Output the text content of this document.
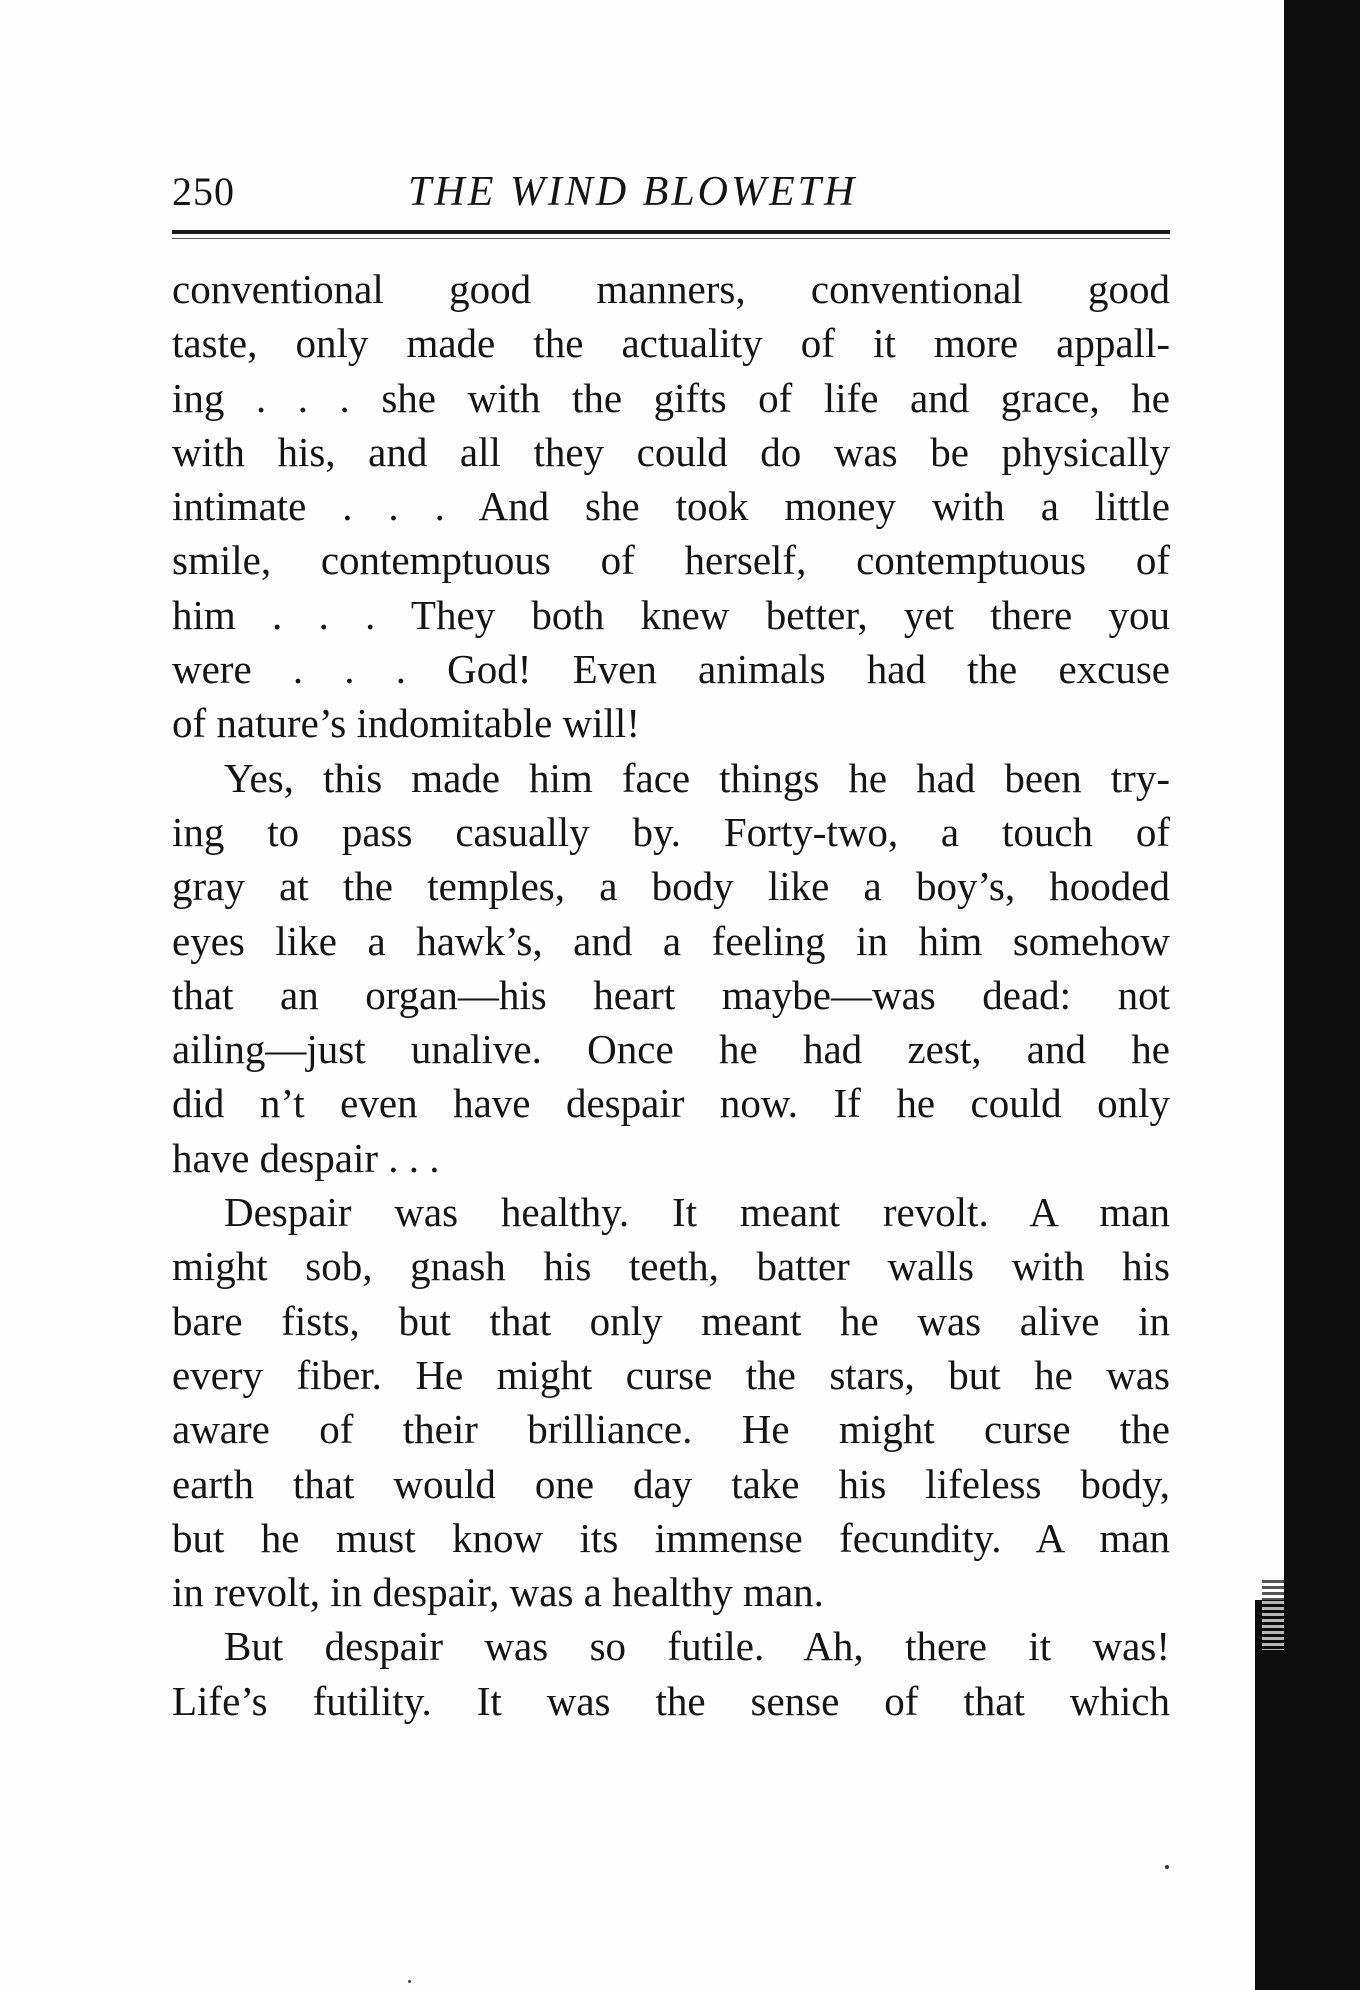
250	THE WIND BLOWETH
conventional good manners, conventional good
taste, only made the actuality of it more appall-
ing . . . she with the gifts of life and grace, he
with his, and all they could do was be physically
intimate . . . And she took money with a little
smile, contemptuous of herself, contemptuous of
him . . . They both knew better, yet there you
were . . . God! Even animals had the excuse
of nature’s indomitable will!
Yes, this made him face things he had been try-
ing to pass casually by. Forty-two, a touch of
gray at the temples, a body like a boy’s, hooded
eyes like a hawk’s, and a feeling in him somehow
that an organ—his heart maybe—was dead: not
ailing—just unalive. Once he had zest, and he
did n’t even have despair now. If he could only
have despair . . .
Despair was healthy. It meant revolt. A man
might sob, gnash his teeth, batter walls with his
bare fists, but that only meant he was alive in
every fiber. He might curse the stars, but he was
aware of their brilliance. He might curse the
earth that would one day take his lifeless body,
but he must know its immense fecundity. A man
in revolt, in despair, was a healthy man.
But despair was so futile. Ah, there it was!
Life’s futility. It was the sense of that which
